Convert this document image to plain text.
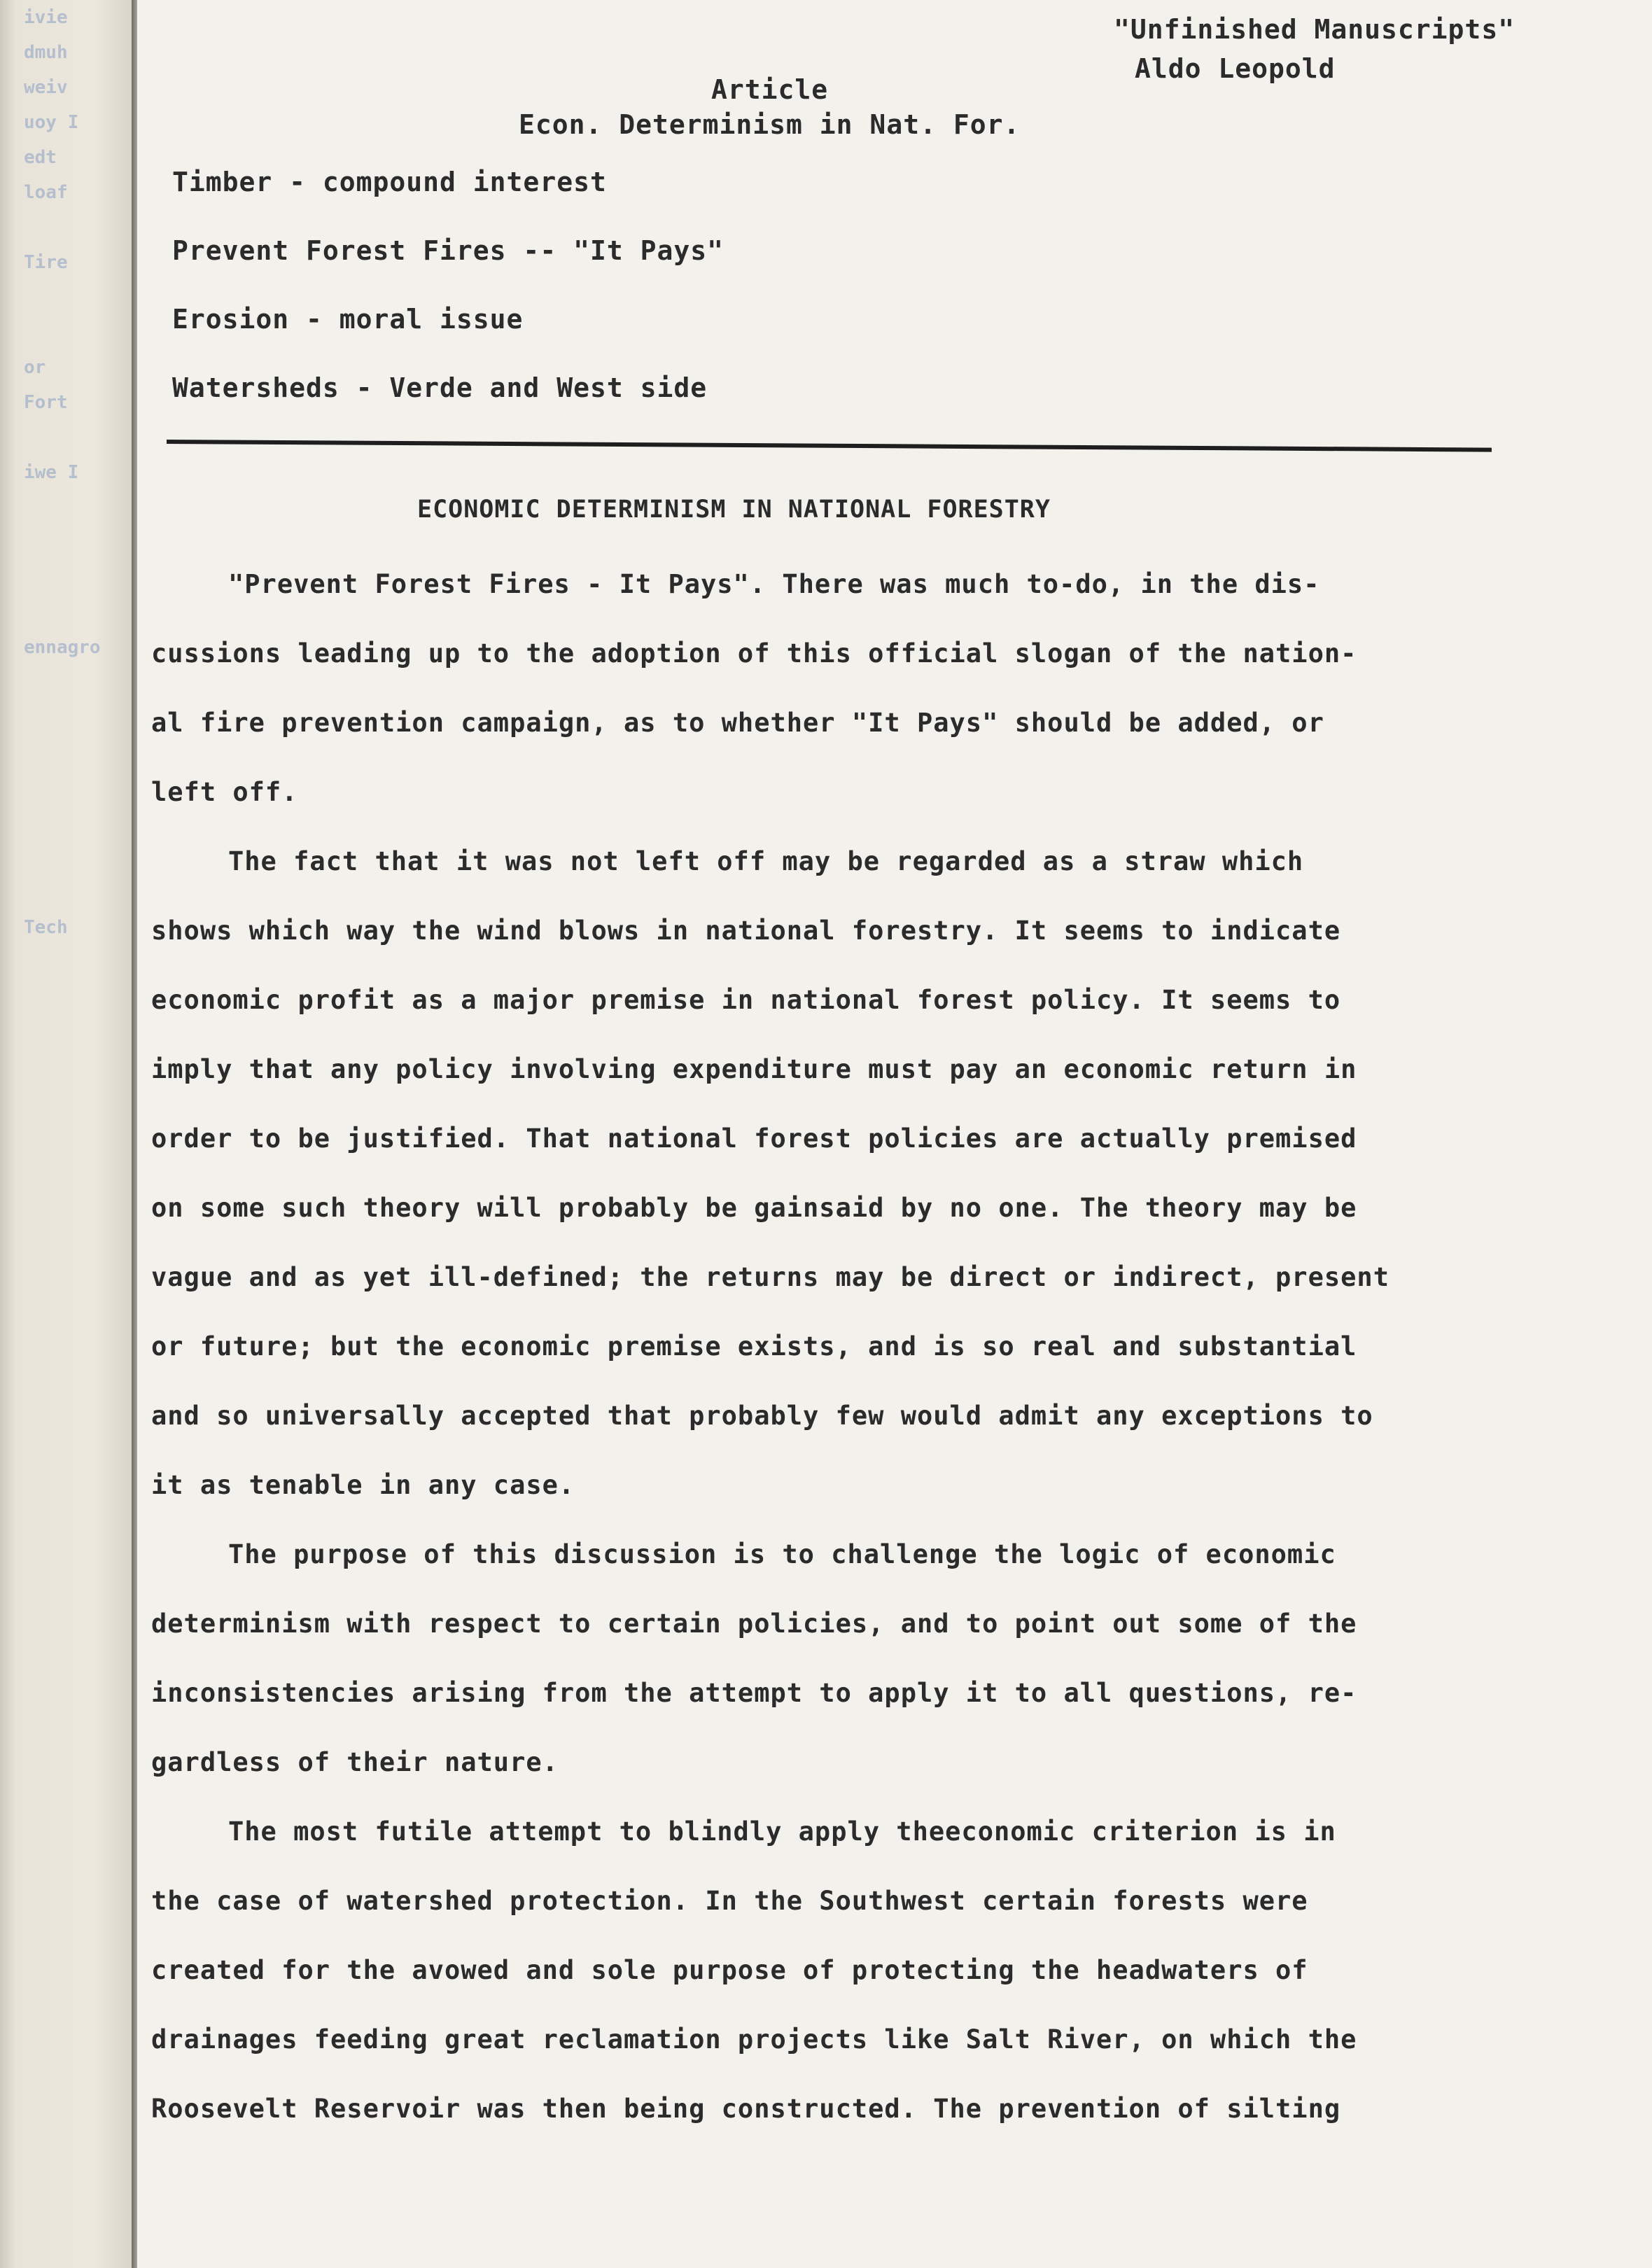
ivie
dmuh
weiv
uoy I
edt
loaf
Tire
or
Fort
iwe I
ennagro
Tech
"Unfinished Manuscripts"
Aldo Leopold
Article
Econ. Determinism in Nat. For.
Timber - compound interest
Prevent Forest Fires -- "It Pays"
Erosion - moral issue
Watersheds - Verde and West side
ECONOMIC DETERMINISM IN NATIONAL FORESTRY
"Prevent Forest Fires - It Pays". There was much to-do, in the dis-
cussions leading up to the adoption of this official slogan of the nation-
al fire prevention campaign, as to whether "It Pays" should be added, or
left off.
The fact that it was not left off may be regarded as a straw which
shows which way the wind blows in national forestry. It seems to indicate
economic profit as a major premise in national forest policy. It seems to
imply that any policy involving expenditure must pay an economic return in
order to be justified. That national forest policies are actually premised
on some such theory will probably be gainsaid by no one. The theory may be
vague and as yet ill-defined; the returns may be direct or indirect, present
or future; but the economic premise exists, and is so real and substantial
and so universally accepted that probably few would admit any exceptions to
it as tenable in any case.
The purpose of this discussion is to challenge the logic of economic
determinism with respect to certain policies, and to point out some of the
inconsistencies arising from the attempt to apply it to all questions, re-
gardless of their nature.
The most futile attempt to blindly apply theeconomic criterion is in
the case of watershed protection. In the Southwest certain forests were
created for the avowed and sole purpose of protecting the headwaters of
drainages feeding great reclamation projects like Salt River, on which the
Roosevelt Reservoir was then being constructed. The prevention of silting
